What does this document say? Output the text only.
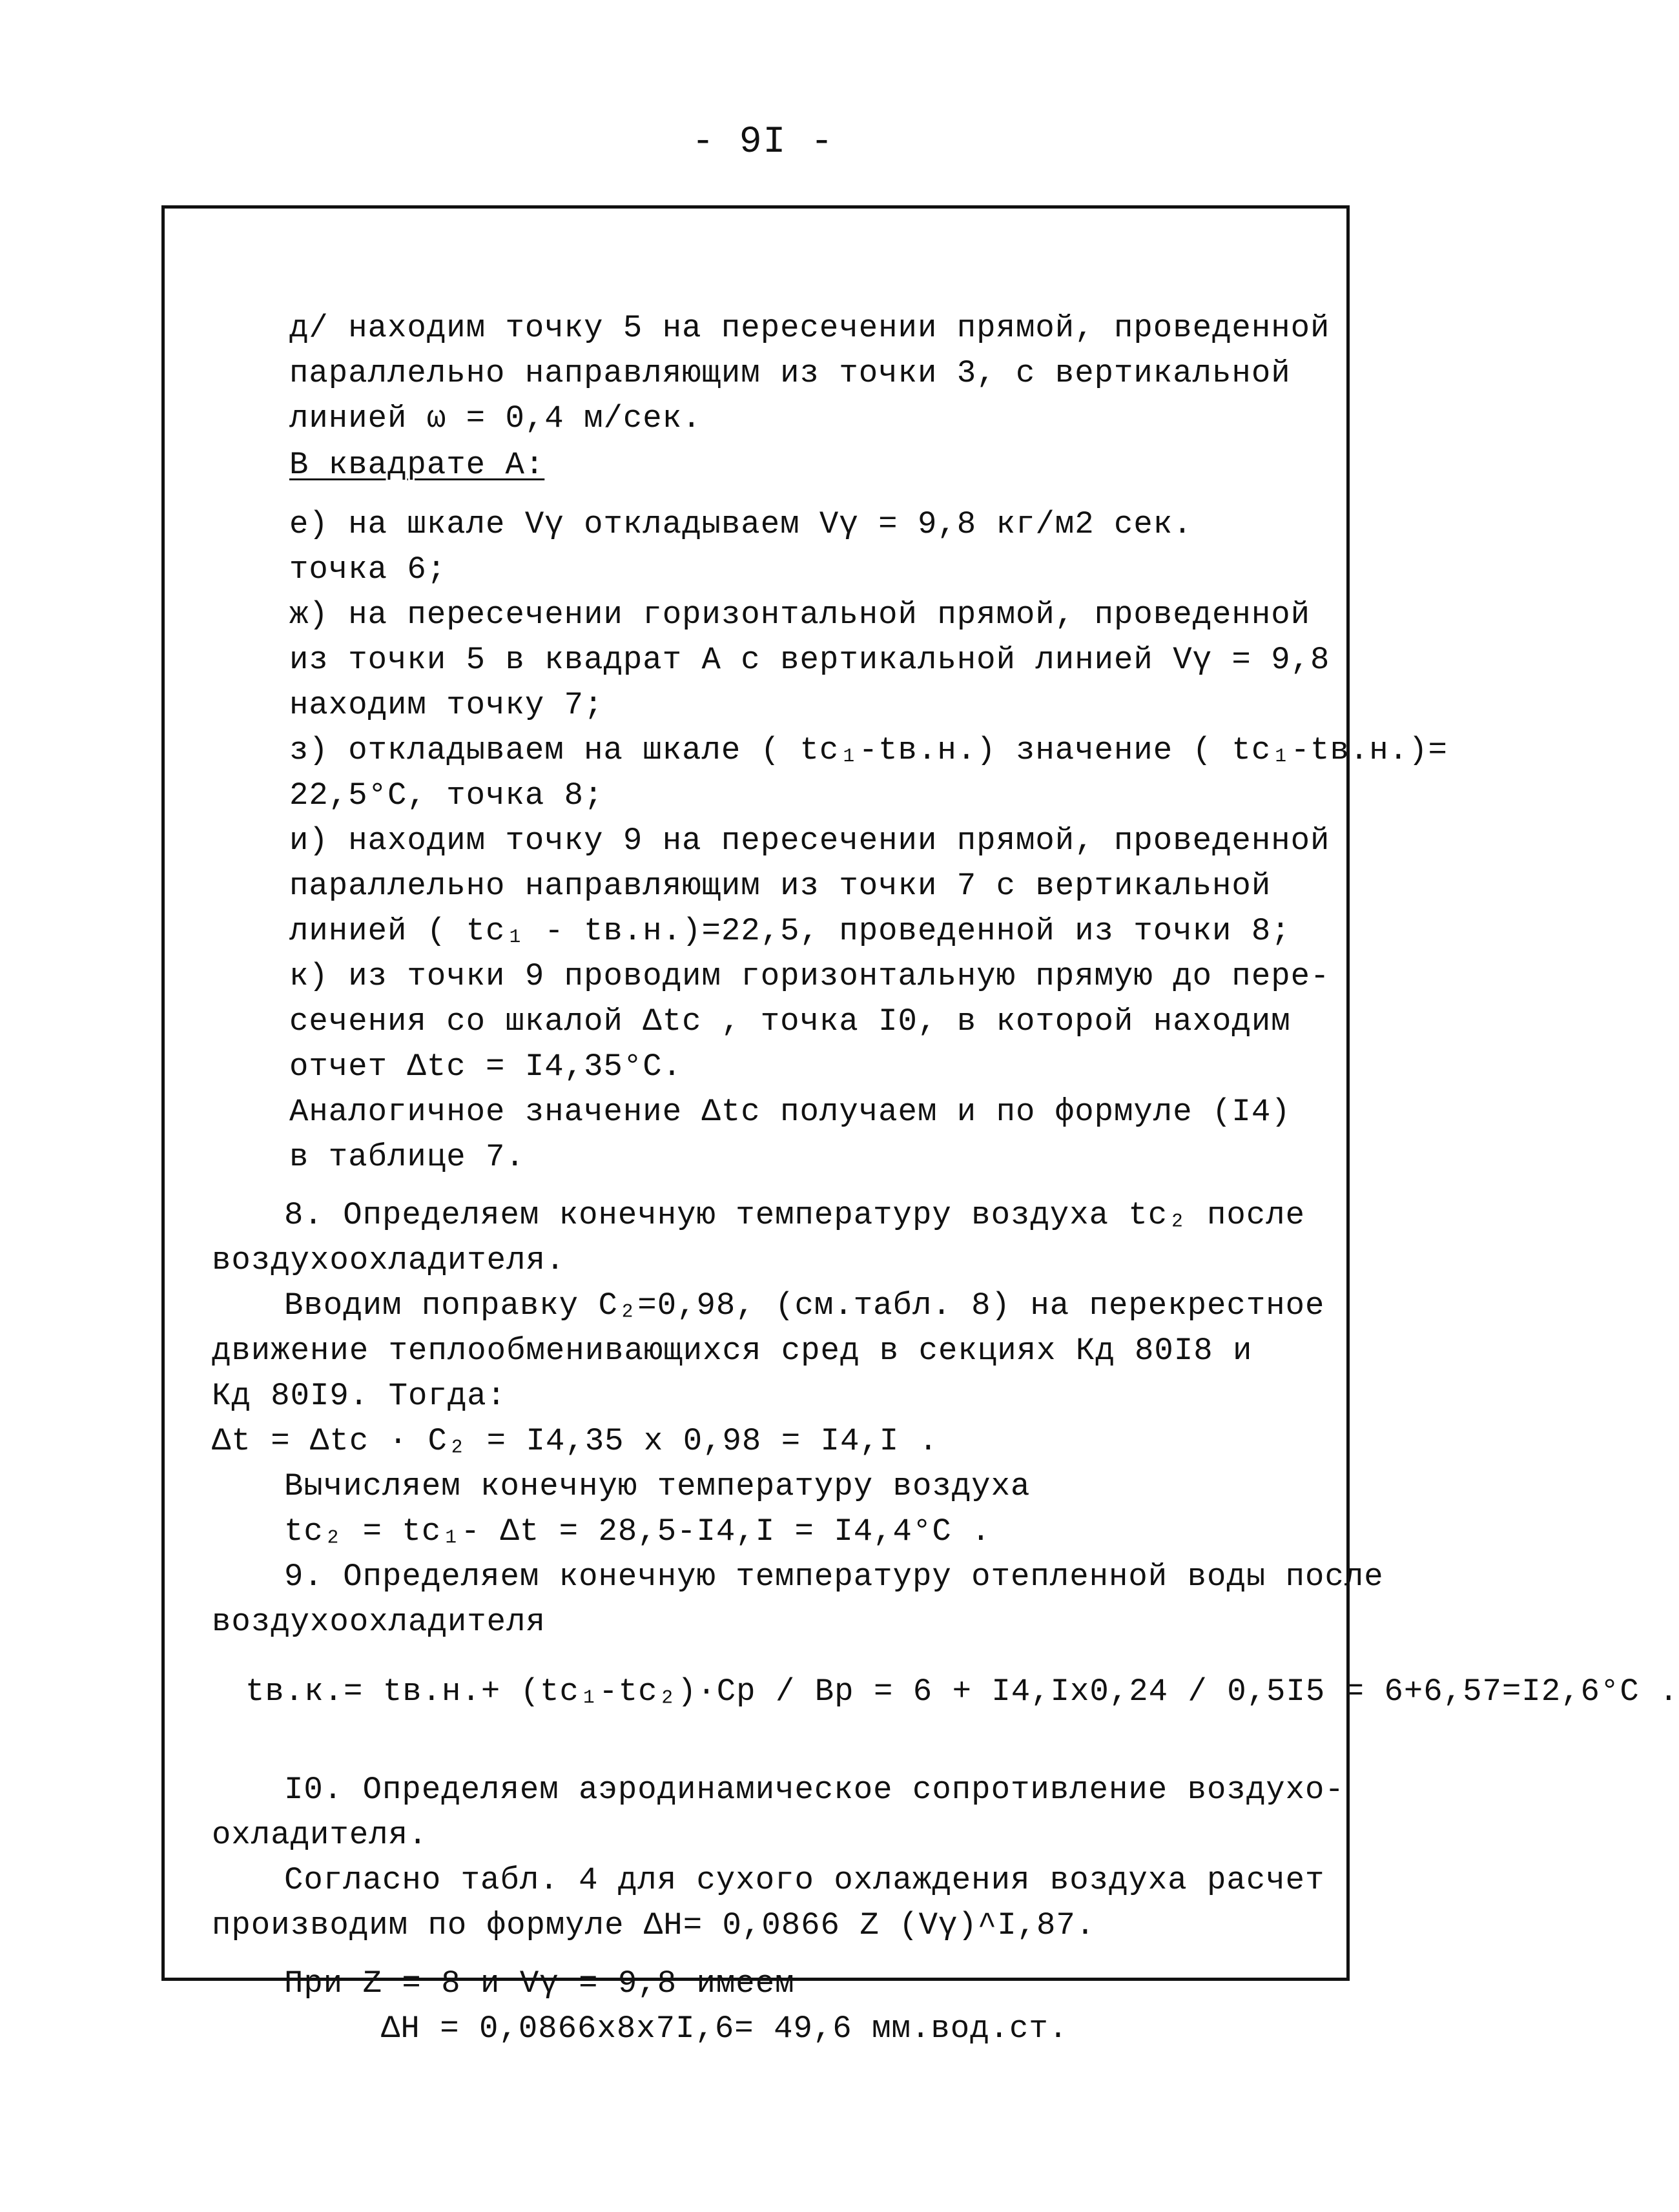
- 9I -
д/ находим точку 5 на пересечении прямой, проведенной
параллельно направляющим из точки 3, с вертикальной
линией ω = 0,4 м/сек.
В квадрате А:
е) на шкале Vγ откладываем Vγ = 9,8 кг/м2 сек.
точка 6;
ж) на пересечении горизонтальной прямой, проведенной
из точки 5 в квадрат А с вертикальной линией Vγ = 9,8
находим точку 7;
з) откладываем на шкале ( tс₁-tв.н.) значение ( tс₁-tв.н.)=
22,5°С, точка 8;
и) находим точку 9 на пересечении прямой, проведенной
параллельно направляющим из точки 7 с вертикальной
линией ( tс₁ - tв.н.)=22,5, проведенной из точки 8;
к) из точки 9 проводим горизонтальную прямую до пере-
сечения со шкалой Δtс , точка I0, в которой находим
отчет Δtс = I4,35°С.
Аналогичное значение Δtс получаем и по формуле (I4)
в таблице 7.
8. Определяем конечную температуру воздуха tс₂ после
воздухоохладителя.
Вводим поправку С₂=0,98, (см.табл. 8) на перекрестное
движение теплообменивающихся сред в секциях Кд 80I8 и
Кд 80I9. Тогда:
Δt = Δtс · С₂ = I4,35 х 0,98 = I4,I .
Вычисляем конечную температуру воздуха
tс₂ = tс₁- Δt = 28,5-I4,I = I4,4°С .
9. Определяем конечную температуру отепленной воды после
воздухоохладителя
tв.к.= tв.н.+ (tс₁-tс₂)·Ср / Вр = 6 + I4,Iх0,24 / 0,5I5 = 6+6,57=I2,6°С .
I0. Определяем аэродинамическое сопротивление воздухо-
охладителя.
Согласно табл. 4 для сухого охлаждения воздуха расчет
производим по формуле ΔH= 0,0866 Z (Vγ)^I,87.
При Z = 8 и Vγ = 9,8 имеем
ΔH = 0,0866х8х7I,6= 49,6 мм.вод.ст.
